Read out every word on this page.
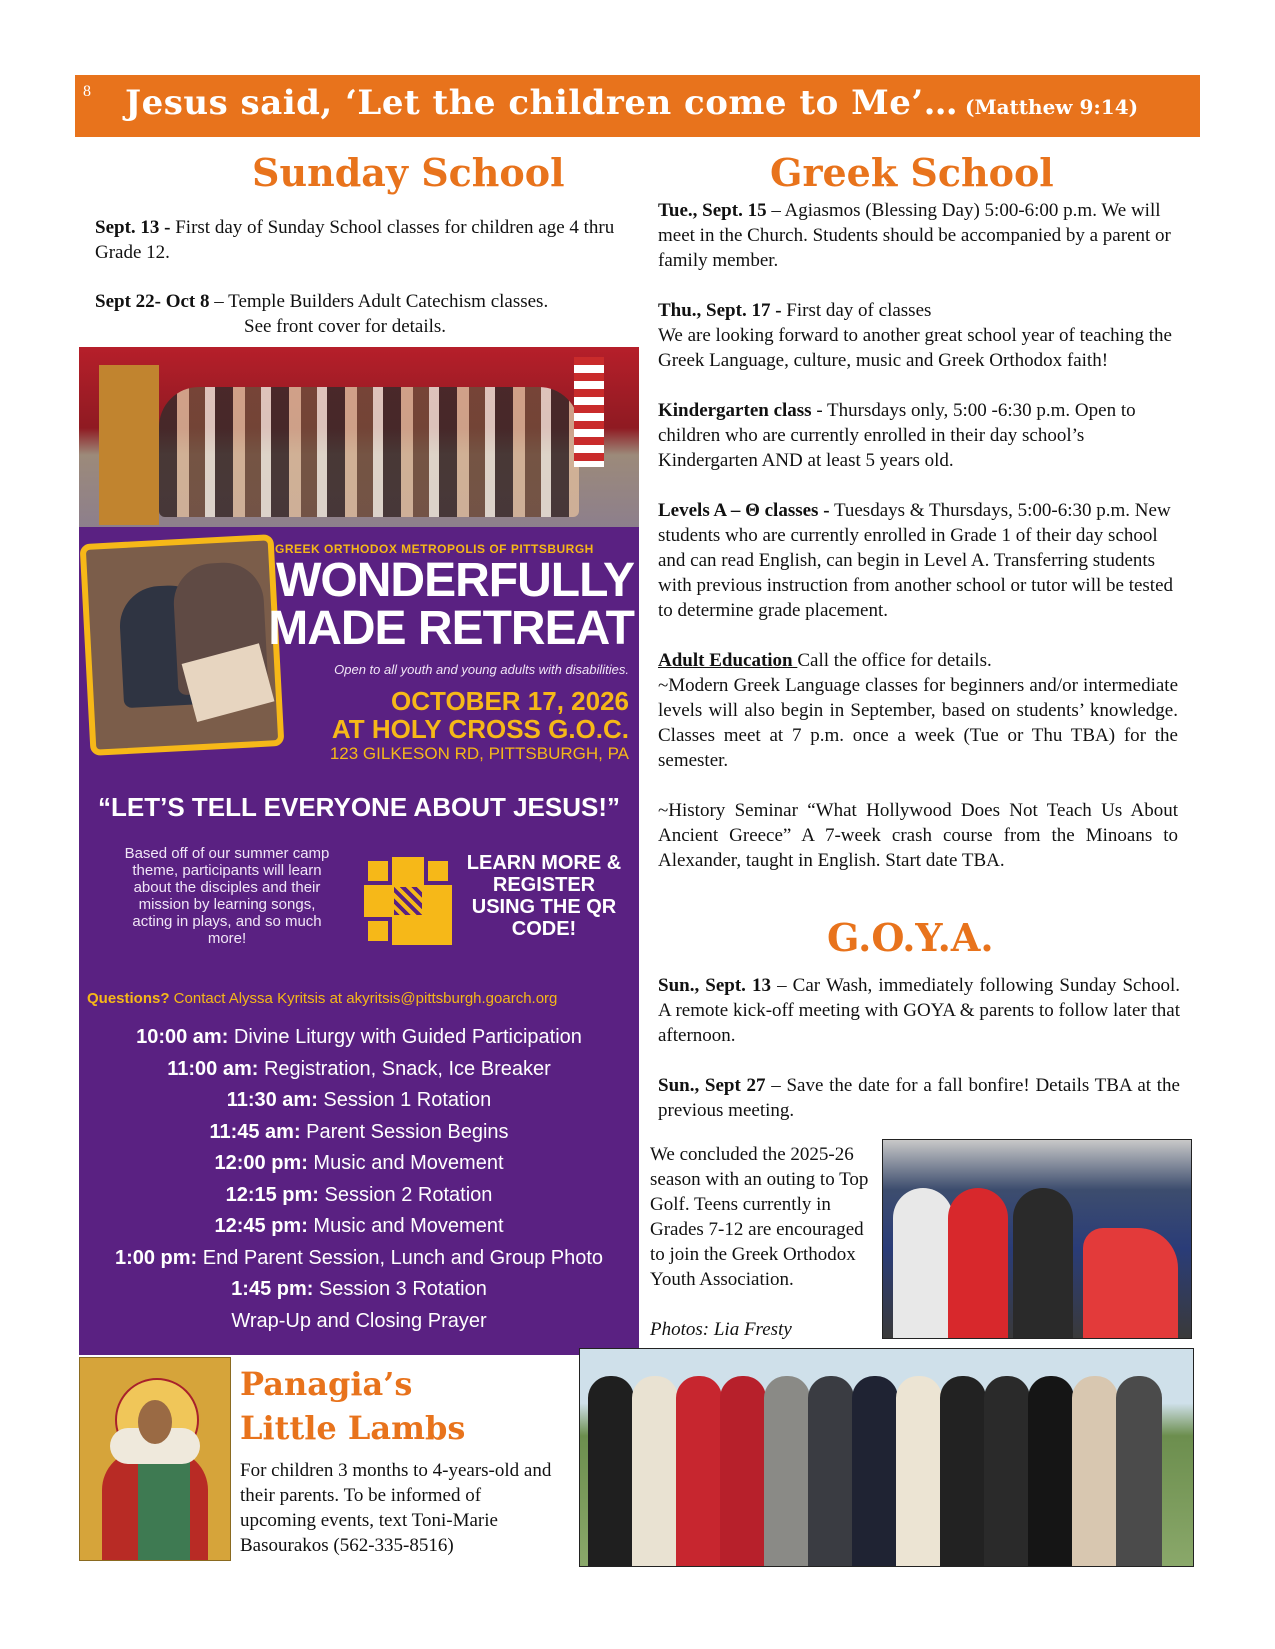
8 Jesus said, ‘Let the children come to Me’… (Matthew 9:14)
Sunday School
Sept. 13 - First day of Sunday School classes for children age 4 thru Grade 12.
Sept 22- Oct 8 – Temple Builders Adult Catechism classes.
See front cover for details.
GREEK ORTHODOX METROPOLIS OF PITTSBURGH
WONDERFULLY
MADE RETREAT
Open to all youth and young adults with disabilities.
OCTOBER 17, 2026
AT HOLY CROSS G.O.C.
123 GILKESON RD, PITTSBURGH, PA
“LET’S TELL EVERYONE ABOUT JESUS!”
Based off of our summer camp theme, participants will learn about the disciples and their mission by learning songs, acting in plays, and so much more!
LEARN MORE & REGISTER USING THE QR CODE!
Questions? Contact Alyssa Kyritsis at akyritsis@pittsburgh.goarch.org
10:00 am: Divine Liturgy with Guided Participation
11:00 am: Registration, Snack, Ice Breaker
11:30 am: Session 1 Rotation
11:45 am: Parent Session Begins
12:00 pm: Music and Movement
12:15 pm: Session 2 Rotation
12:45 pm: Music and Movement
1:00 pm: End Parent Session, Lunch and Group Photo
1:45 pm: Session 3 Rotation
Wrap-Up and Closing Prayer
Greek School

Tue., Sept. 15 – Agiasmos (Blessing Day) 5:00-6:00 p.m. We will meet in the Church. Students should be accompanied by a parent or family member.

Thu., Sept. 17 - First day of classes

We are looking forward to another great school year of teaching the Greek Language, culture, music and Greek Orthodox faith!

Kindergarten class - Thursdays only, 5:00 -6:30 p.m. Open to children who are currently enrolled in their day school’s Kindergarten AND at least 5 years old.

Levels A – Θ classes - Tuesdays & Thursdays, 5:00-6:30 p.m. New students who are currently enrolled in Grade 1 of their day school and can read English, can begin in Level A. Transferring students with previous instruction from another school or tutor will be tested to determine grade placement.

Adult Education Call the office for details.

~Modern Greek Language classes for beginners and/or intermediate levels will also begin in September, based on students’ knowledge. Classes meet at 7 p.m. once a week (Tue or Thu TBA) for the semester.

~History Seminar “What Hollywood Does Not Teach Us About Ancient Greece” A 7-week crash course from the Minoans to Alexander, taught in English. Start date TBA.

G.O.Y.A.

Sun., Sept. 13 – Car Wash, immediately following Sunday School. A remote kick-off meeting with GOYA & parents to follow later that afternoon.

Sun., Sept 27 – Save the date for a fall bonfire! Details TBA at the previous meeting.

We concluded the 2025-26 season with an outing to Top Golf. Teens currently in Grades 7-12 are encouraged to join the Greek Orthodox Youth Association.
Photos: Lia Fresty
Panagia’s
Little Lambs
For children 3 months to 4-years-old and their parents. To be informed of upcoming events, text Toni-Marie Basourakos (562-335-8516)
